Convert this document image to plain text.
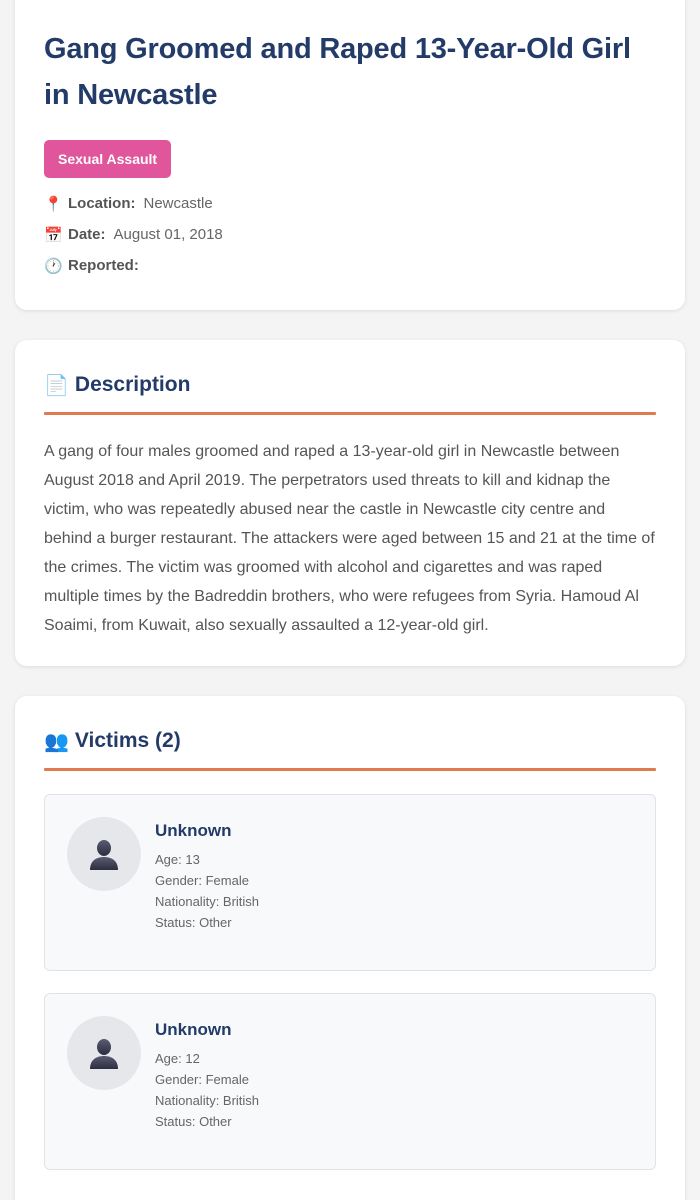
Gang Groomed and Raped 13-Year-Old Girl in Newcastle
Sexual Assault
📍 Location: Newcastle
📅 Date: August 01, 2018
🕐 Reported:
📄 Description

A gang of four males groomed and raped a 13-year-old girl in Newcastle between August 2018 and April 2019. The perpetrators used threats to kill and kidnap the victim, who was repeatedly abused near the castle in Newcastle city centre and behind a burger restaurant. The attackers were aged between 15 and 21 at the time of the crimes. The victim was groomed with alcohol and cigarettes and was raped multiple times by the Badreddin brothers, who were refugees from Syria. Hamoud Al Soaimi, from Kuwait, also sexually assaulted a 12-year-old girl.

👥 Victims (2)
Unknown
Age: 13
Gender: Female
Nationality: British
Status: Other
Unknown
Age: 12
Gender: Female
Nationality: British
Status: Other
